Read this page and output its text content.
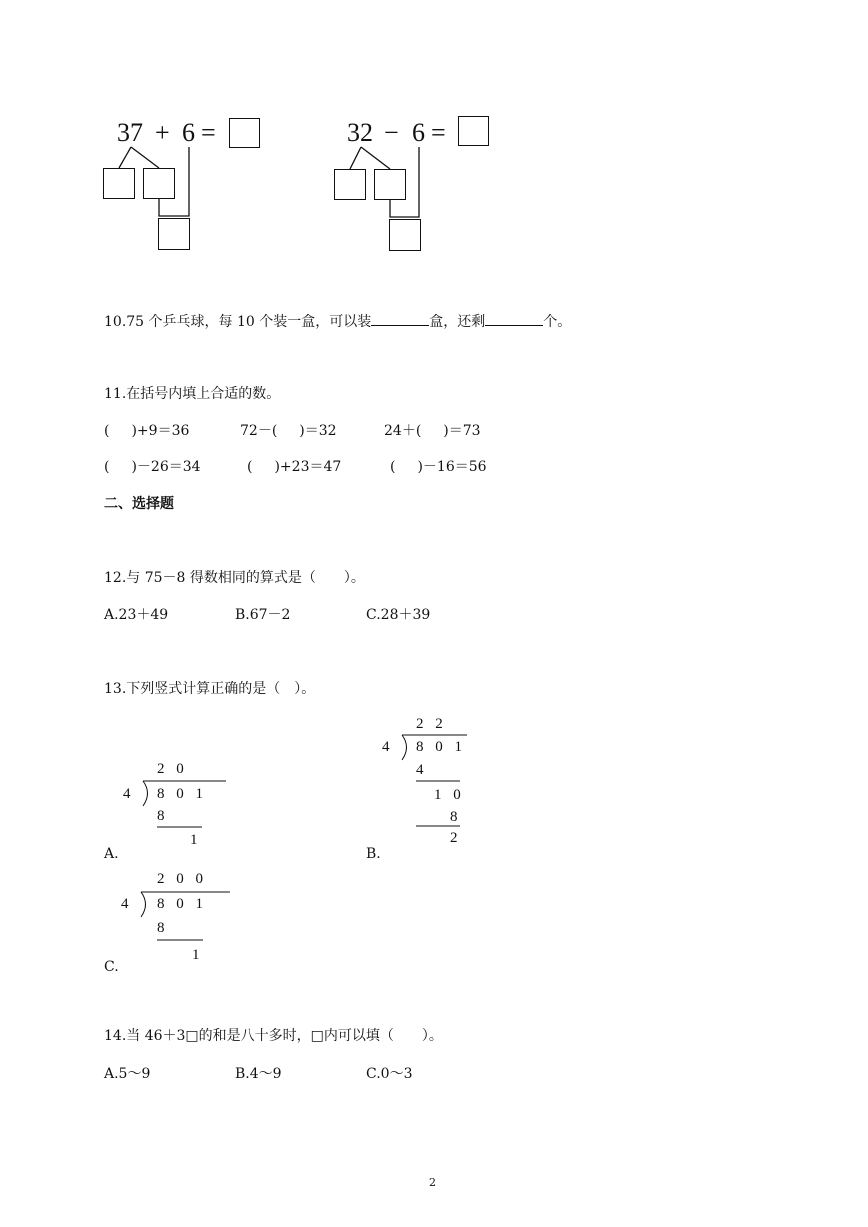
37 + 6 =	32 − 6 =
10.75 个乒乓球，每 10 个装一盒，可以装	盒，还剩	个。
11.在括号内填上合适的数。
( )+9＝36	72－( )＝32	24＋( )＝73
( )－26＝34	( )+23＝47	( )－16＝56
二、选择题
12.与 75－8 得数相同的算式是（　　）。
A.23＋49	B.67－2	C.28＋39
13.下列竖式计算正确的是（　）。
2 0
4 8 0 1
8
1
A.
2 2
4 8 0 1
4
1 0
8
2
B.
2 0 0
4 8 0 1
8
1
C.
14.当 46＋3□的和是八十多时，□内可以填（　　）。
A.5～9	B.4～9	C.0～3
2
